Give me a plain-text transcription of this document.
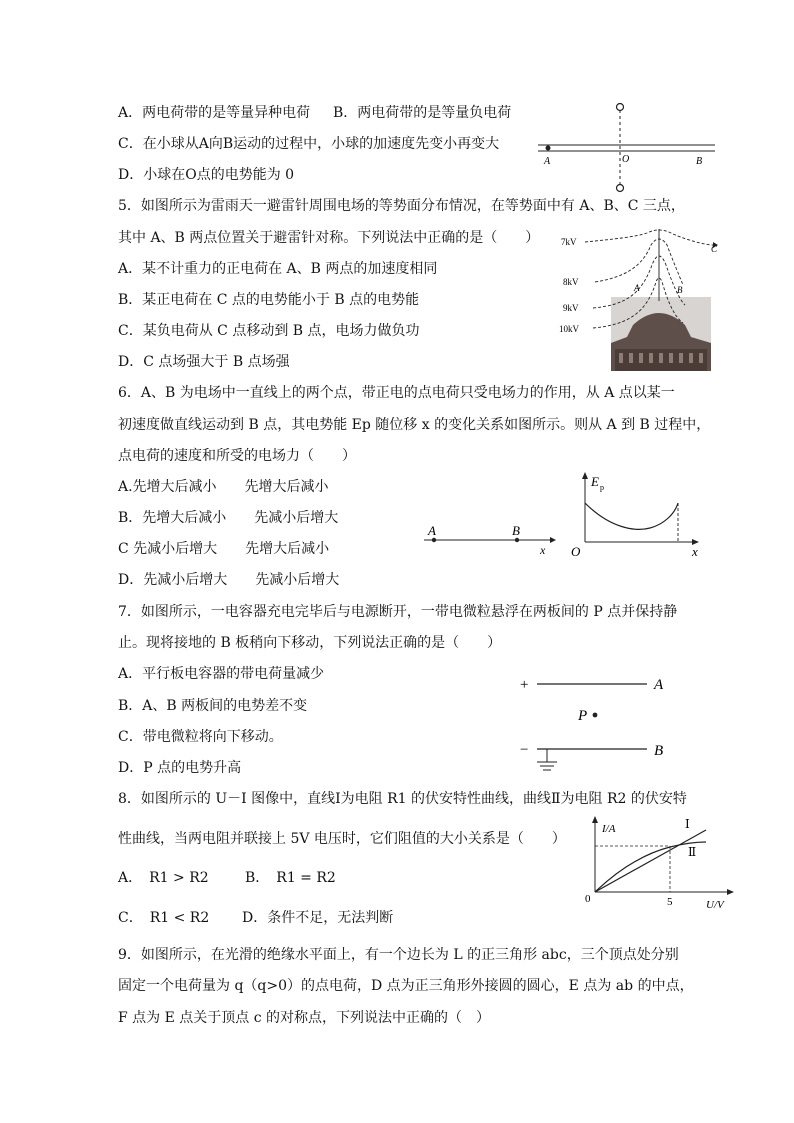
A．两电荷带的是等量异种电荷 B．两电荷带的是等量负电荷
C．在小球从A向B运动的过程中，小球的加速度先变小再变大
D．小球在O点的电势能为 0
A	O	B
5．如图所示为雷雨天一避雷针周围电场的等势面分布情况，在等势面中有 A、B、C 三点，
其中 A、B 两点位置关于避雷针对称。下列说法中正确的是（　　）
A．某不计重力的正电荷在 A、B 两点的加速度相同
B．某正电荷在 C 点的电势能小于 B 点的电势能
C．某负电荷从 C 点移动到 B 点，电场力做负功
D．C 点场强大于 B 点场强
7kV
8kV
9kV
10kV
A	B
C
6．A、B 为电场中一直线上的两个点，带正电的点电荷只受电场力的作用，从 A 点以某一
初速度做直线运动到 B 点，其电势能 Ep 随位移 x 的变化关系如图所示。则从 A 到 B 过程中，
点电荷的速度和所受的电场力（　　）
A.先增大后减小　　先增大后减小
B．先增大后减小　　先减小后增大
C 先减小后增大　　先增大后减小
D．先减小后增大　　先减小后增大
A	B
x
E p
O	x
7．如图所示，一电容器充电完毕后与电源断开，一带电微粒悬浮在两板间的 P 点并保持静
止。现将接地的 B 板稍向下移动，下列说法正确的是（　　）
A．平行板电容器的带电荷量减少
B．A、B 两板间的电势差不变
C．带电微粒将向下移动。
D．P 点的电势升高
+	A
P
−	B
8．如图所示的 U－I 图像中，直线Ⅰ为电阻 R1 的伏安特性曲线，曲线Ⅱ为电阻 R2 的伏安特
性曲线，当两电阻并联接上 5V 电压时，它们阻值的大小关系是（　　）
A．　R1 > R2	B．　R1 = R2
C．　R1 < R2 D．条件不足，无法判断
I/A
U/V
0	5
Ⅰ
Ⅱ
9．如图所示，在光滑的绝缘水平面上，有一个边长为 L 的正三角形 abc，三个顶点处分别
固定一个电荷量为 q（q>0）的点电荷，D 点为正三角形外接圆的圆心，E 点为 ab 的中点，
F 点为 E 点关于顶点 c 的对称点，下列说法中正确的（　）
